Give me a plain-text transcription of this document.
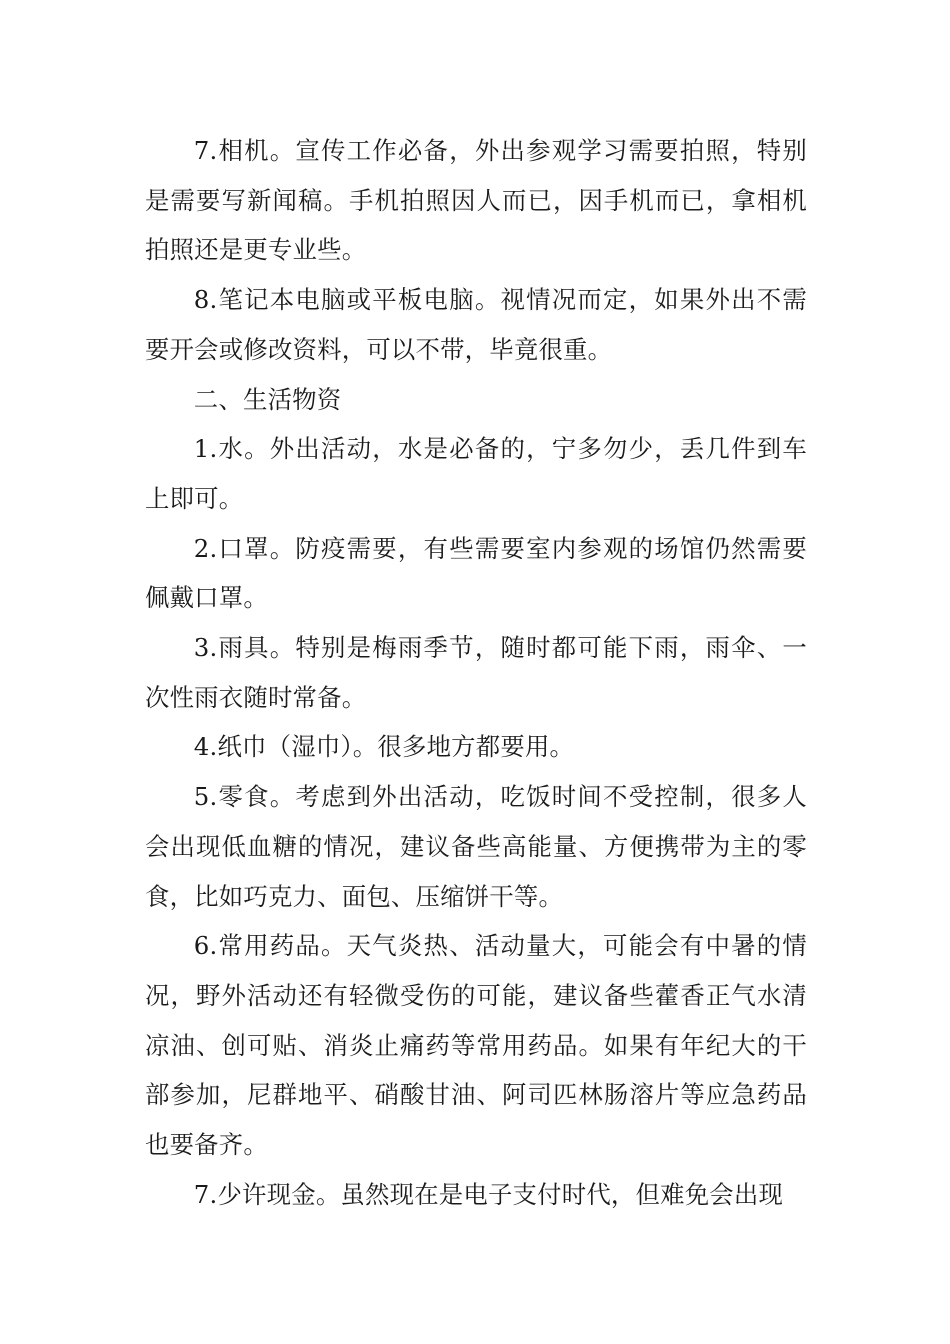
7.相机。宣传工作必备，外出参观学习需要拍照，特别是需要写新闻稿。手机拍照因人而已，因手机而已，拿相机拍照还是更专业些。

8.笔记本电脑或平板电脑。视情况而定，如果外出不需要开会或修改资料，可以不带，毕竟很重。

二、生活物资

1.水。外出活动，水是必备的，宁多勿少，丢几件到车上即可。

2.口罩。防疫需要，有些需要室内参观的场馆仍然需要佩戴口罩。

3.雨具。特别是梅雨季节，随时都可能下雨，雨伞、一次性雨衣随时常备。

4.纸巾（湿巾）。很多地方都要用。

5.零食。考虑到外出活动，吃饭时间不受控制，很多人会出现低血糖的情况，建议备些高能量、方便携带为主的零食，比如巧克力、面包、压缩饼干等。

6.常用药品。天气炎热、活动量大，可能会有中暑的情况，野外活动还有轻微受伤的可能，建议备些藿香正气水清凉油、创可贴、消炎止痛药等常用药品。如果有年纪大的干部参加，尼群地平、硝酸甘油、阿司匹林肠溶片等应急药品也要备齐。

7.少许现金。虽然现在是电子支付时代，但难免会出现
